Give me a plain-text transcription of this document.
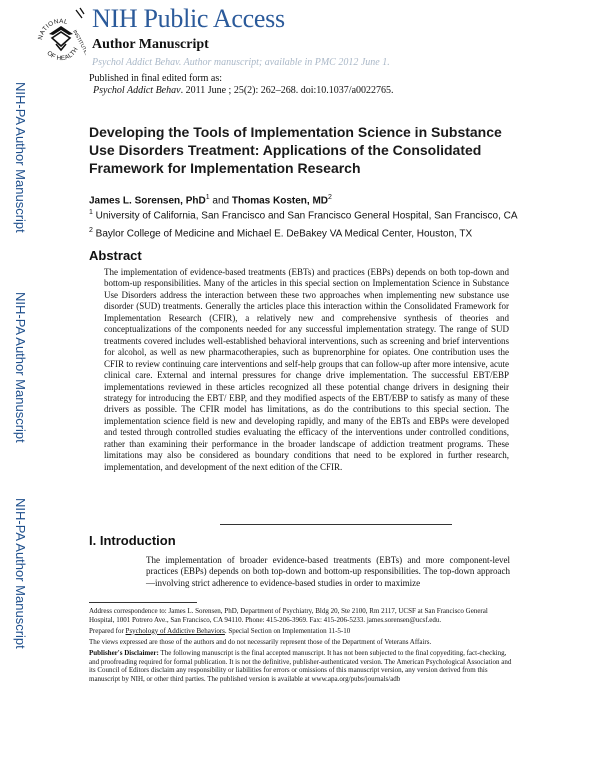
NATIONAL
OF HEALTH
INSTITUTES
NIH Public Access
Author Manuscript
Psychol Addict Behav. Author manuscript; available in PMC 2012 June 1.
Published in final edited form as:
Psychol Addict Behav. 2011 June ; 25(2): 262–268. doi:10.1037/a0022765.
NIH-PA Author Manuscript
NIH-PA Author Manuscript
NIH-PA Author Manuscript
Developing the Tools of Implementation Science in Substance Use Disorders Treatment: Applications of the Consolidated Framework for Implementation Research
James L. Sorensen, PhD$^1$ and Thomas Kosten, $MD^2$
$^1$ University of California, San Francisco and San Francisco General Hospital, San Francisco, CA
$^2$ Baylor College of Medicine and Michael E. DeBakey VA Medical Center, Houston, TX
Abstract
The implementation of evidence-based treatments (EBTs) and practices (EBPs) depends on both top-down and bottom-up responsibilities. Many of the articles in this special section on Implementation Science in Substance Use Disorders address the interaction between these two approaches when implementing new substance use disorder (SUD) treatments. Generally the articles place this interaction within the Consolidated Framework for Implementation Research (CFIR), a relatively new and comprehensive synthesis of theories and conceptualizations of the components needed for any successful implementation strategy. The range of SUD treatments covered includes well-established behavioral interventions, such as screening and brief interventions for alcohol, as well as new pharmacotherapies, such as buprenorphine for opiates. One contribution uses the CFIR to review continuing care interventions and self-help groups that can follow-up after more intensive, acute clinical care. External and internal pressures for change drive implementation. The successful EBT/EBP implementations reviewed in these articles recognized all these potential change drivers in designing their strategy for introducing the EBT/ EBP, and they modified aspects of the EBT/EBP to satisfy as many of these drivers as possible. The CFIR model has limitations, as do the contributions to this special section. The implementation science field is new and developing rapidly, and many of the EBTs and EBPs were developed and tested through controlled studies evaluating the efficacy of the interventions under controlled conditions, rather than examining their performance in the broader landscape of addiction treatment programs. These limitations may also be considered as boundary conditions that need to be explored in further research, implementation, and development of the next edition of the CFIR.
I. Introduction
The implementation of broader evidence-based treatments (EBTs) and more component-level practices (EBPs) depends on both top-down and bottom-up responsibilities. The top-down approach—involving strict adherence to evidence-based studies in order to maximize

Address correspondence to: James L. Sorensen, PhD, Department of Psychiatry, Bldg 20, Ste 2100, Rm 2117, UCSF at San Francisco General Hospital, 1001 Potrero Ave., San Francisco, CA 94110. Phone: 415-206-3969. Fax: 415-206-5233. james.sorensen@ucsf.edu.

Prepared for Psychology of Addictive Behaviors. Special Section on Implementation 11-5-10

The views expressed are those of the authors and do not necessarily represent those of the Department of Veterans Affairs.

Publisher's Disclaimer: The following manuscript is the final accepted manuscript. It has not been subjected to the final copyediting, fact-checking, and proofreading required for formal publication. It is not the definitive, publisher-authenticated version. The American Psychological Association and its Council of Editors disclaim any responsibility or liabilities for errors or omissions of this manuscript version, any version derived from this manuscript by NIH, or other third parties. The published version is available at www.apa.org/pubs/journals/adb
